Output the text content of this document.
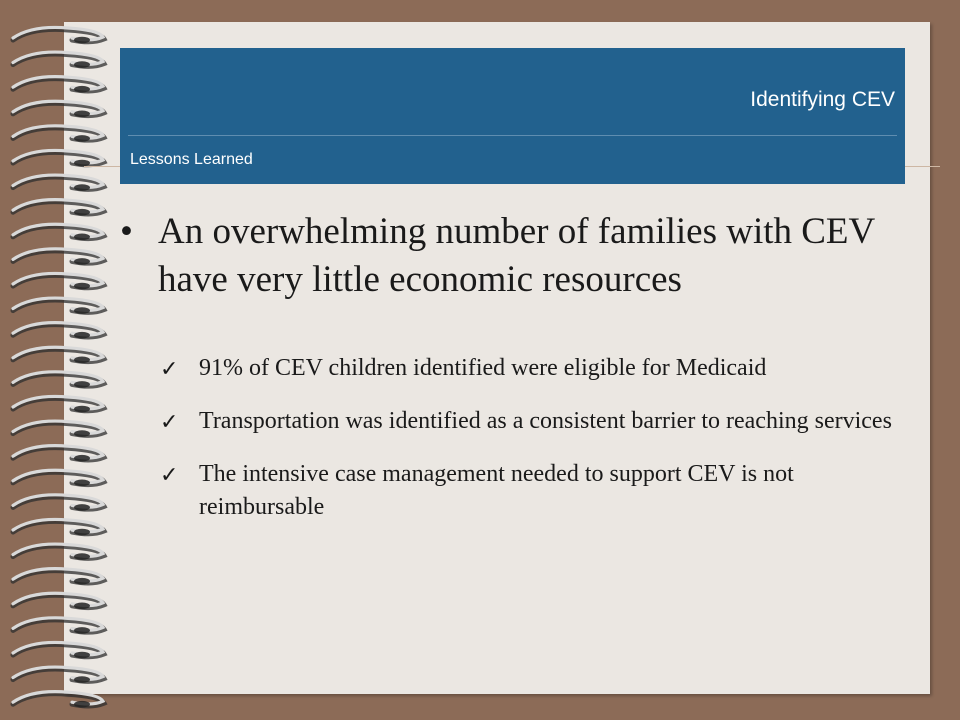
Identifying CEV
Lessons Learned
• An overwhelming number of families with CEV have very little economic resources
✓ 91% of CEV children identified were eligible for Medicaid
✓ Transportation was identified as a consistent barrier to reaching services
✓ The intensive case management needed to support CEV is not reimbursable
